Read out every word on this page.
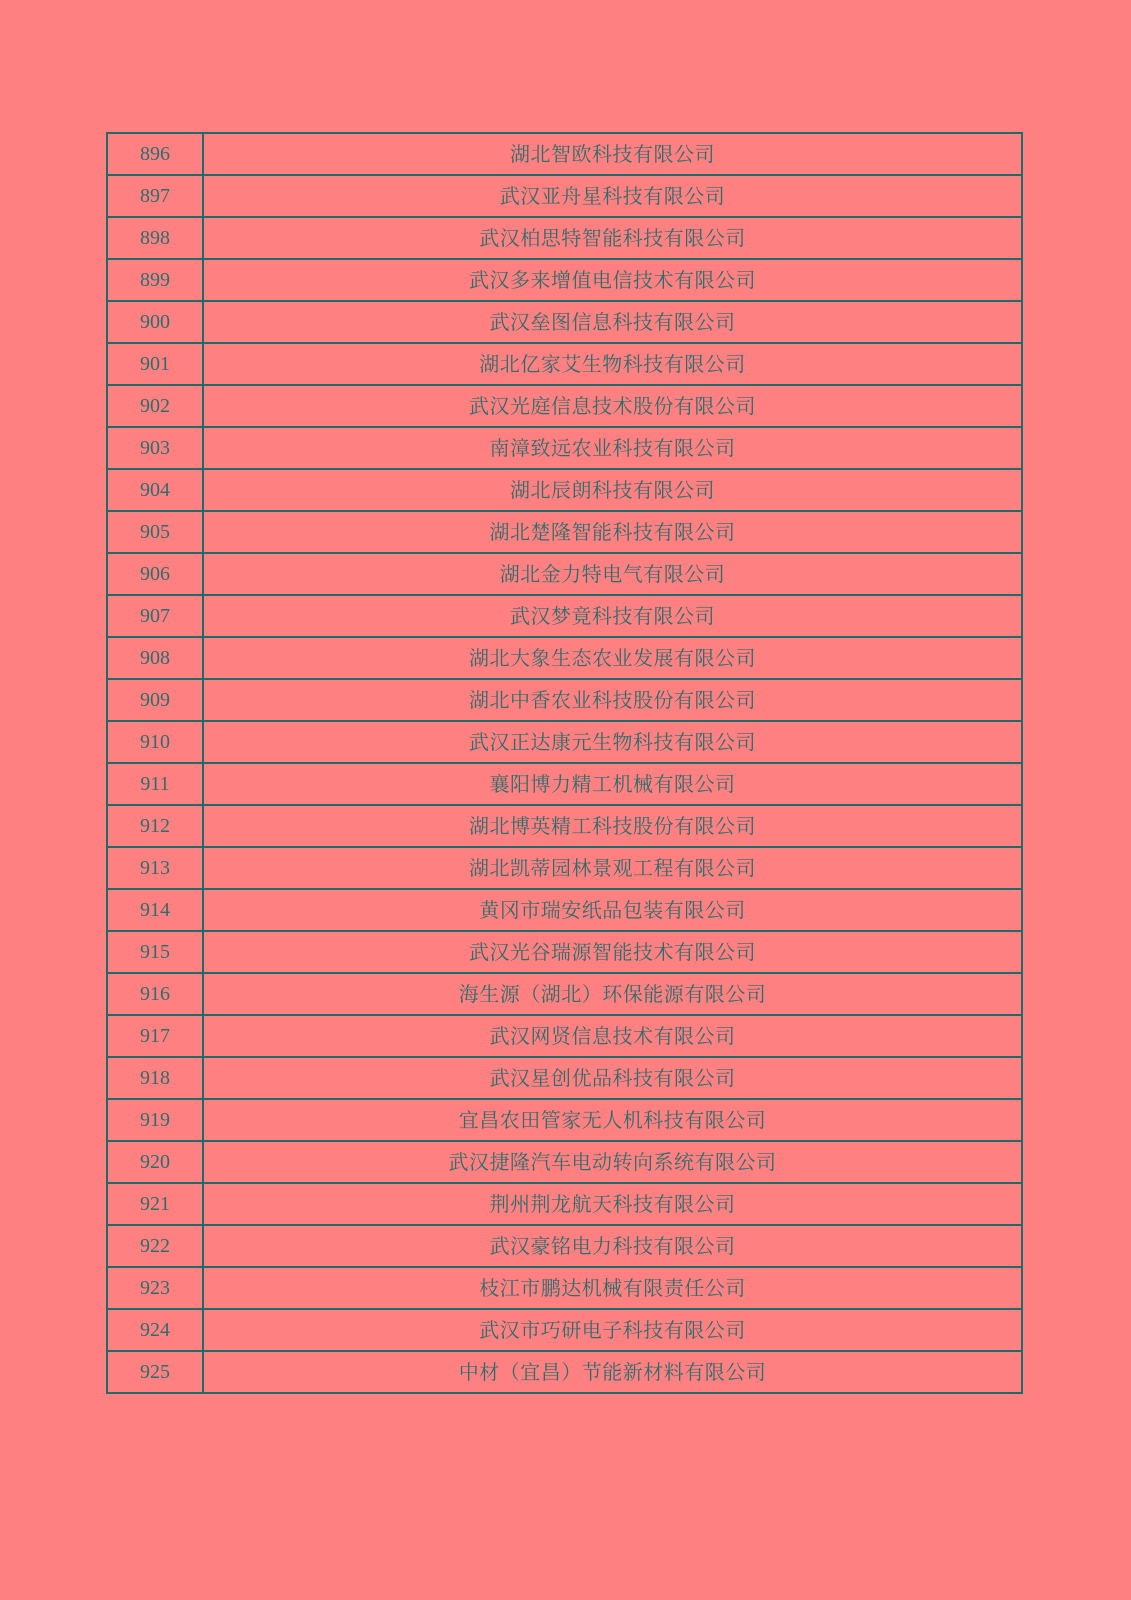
896	湖北智欧科技有限公司
897	武汉亚舟星科技有限公司
898	武汉柏思特智能科技有限公司
899	武汉多来增值电信技术有限公司
900	武汉垒图信息科技有限公司
901	湖北亿家艾生物科技有限公司
902	武汉光庭信息技术股份有限公司
903	南漳致远农业科技有限公司
904	湖北辰朗科技有限公司
905	湖北楚隆智能科技有限公司
906	湖北金力特电气有限公司
907	武汉梦竟科技有限公司
908	湖北大象生态农业发展有限公司
909	湖北中香农业科技股份有限公司
910	武汉正达康元生物科技有限公司
911	襄阳博力精工机械有限公司
912	湖北博英精工科技股份有限公司
913	湖北凯蒂园林景观工程有限公司
914	黄冈市瑞安纸品包装有限公司
915	武汉光谷瑞源智能技术有限公司
916	海生源（湖北）环保能源有限公司
917	武汉网贤信息技术有限公司
918	武汉星创优品科技有限公司
919	宜昌农田管家无人机科技有限公司
920	武汉捷隆汽车电动转向系统有限公司
921	荆州荆龙航天科技有限公司
922	武汉豪铭电力科技有限公司
923	枝江市鹏达机械有限责任公司
924	武汉市巧研电子科技有限公司
925	中材（宜昌）节能新材料有限公司
